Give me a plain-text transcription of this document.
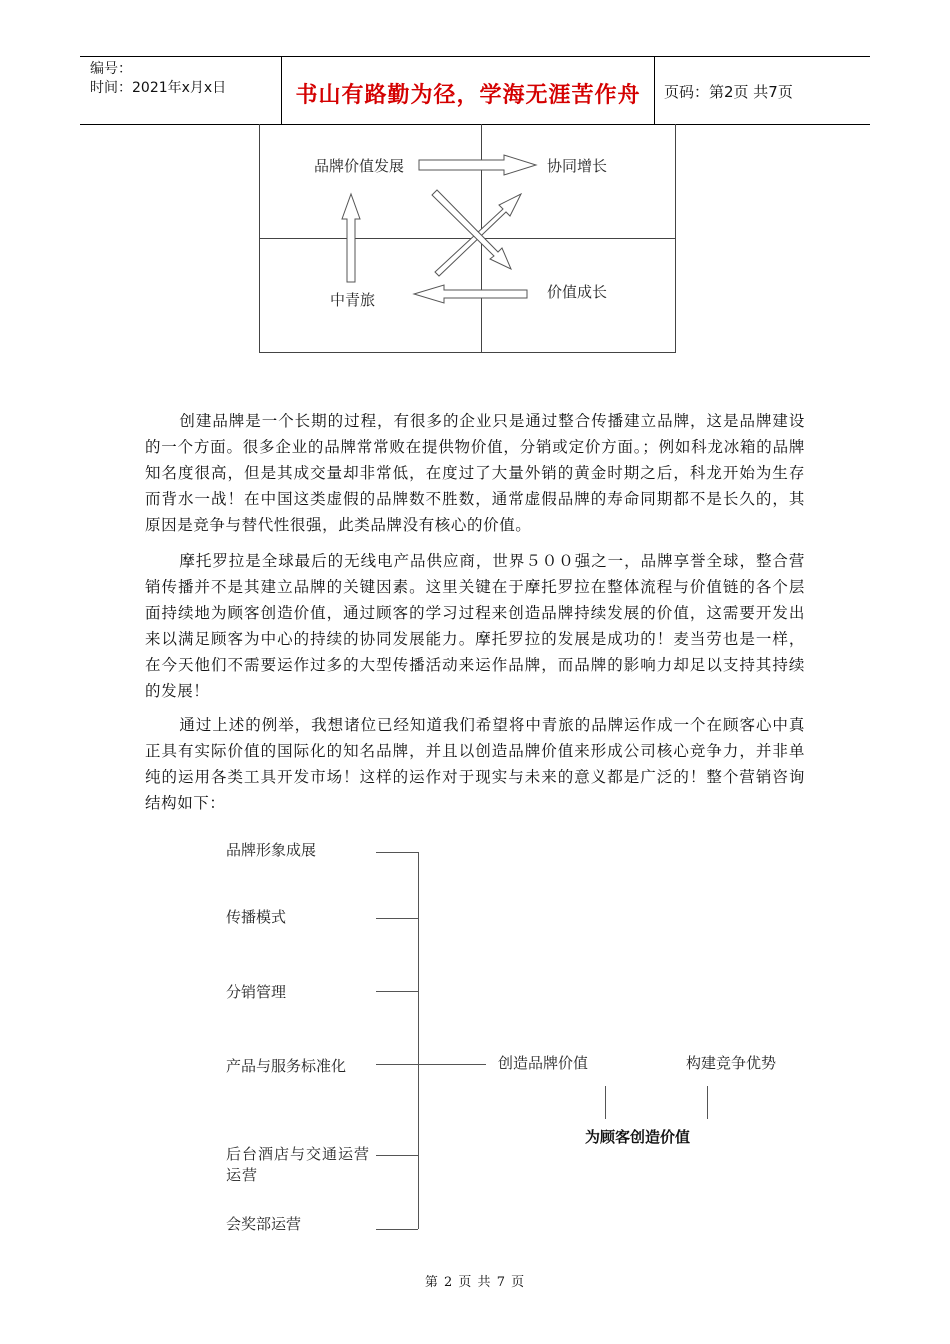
编号：
时间：2021年x月x日	书山有路勤为径，学海无涯苦作舟	页码：第2页 共7页
品牌价值发展	协同增长
中青旅	价值成长

创建品牌是一个长期的过程，有很多的企业只是通过整合传播建立品牌，这是品牌建设的一个方面。很多企业的品牌常常败在提供物价值，分销或定价方面。；例如科龙冰箱的品牌知名度很高，但是其成交量却非常低，在度过了大量外销的黄金时期之后，科龙开始为生存而背水一战！在中国这类虚假的品牌数不胜数，通常虚假品牌的寿命同期都不是长久的，其原因是竞争与替代性很强，此类品牌没有核心的价值。

摩托罗拉是全球最后的无线电产品供应商，世界５００强之一，品牌享誉全球，整合营销传播并不是其建立品牌的关键因素。这里关键在于摩托罗拉在整体流程与价值链的各个层面持续地为顾客创造价值，通过顾客的学习过程来创造品牌持续发展的价值，这需要开发出来以满足顾客为中心的持续的协同发展能力。摩托罗拉的发展是成功的！麦当劳也是一样，在今天他们不需要运作过多的大型传播活动来运作品牌，而品牌的影响力却足以支持其持续的发展！

通过上述的例举，我想诸位已经知道我们希望将中青旅的品牌运作成一个在顾客心中真正具有实际价值的国际化的知名品牌，并且以创造品牌价值来形成公司核心竞争力，并非单纯的运用各类工具开发市场！这样的运作对于现实与未来的意义都是广泛的！整个营销咨询结构如下：

品牌形象成展
传播模式
分销管理
产品与服务标准化
后台酒店与交通运营运营
会奖部运营
创造品牌价值	构建竞争优势
为顾客创造价值
第 2 页 共 7 页
